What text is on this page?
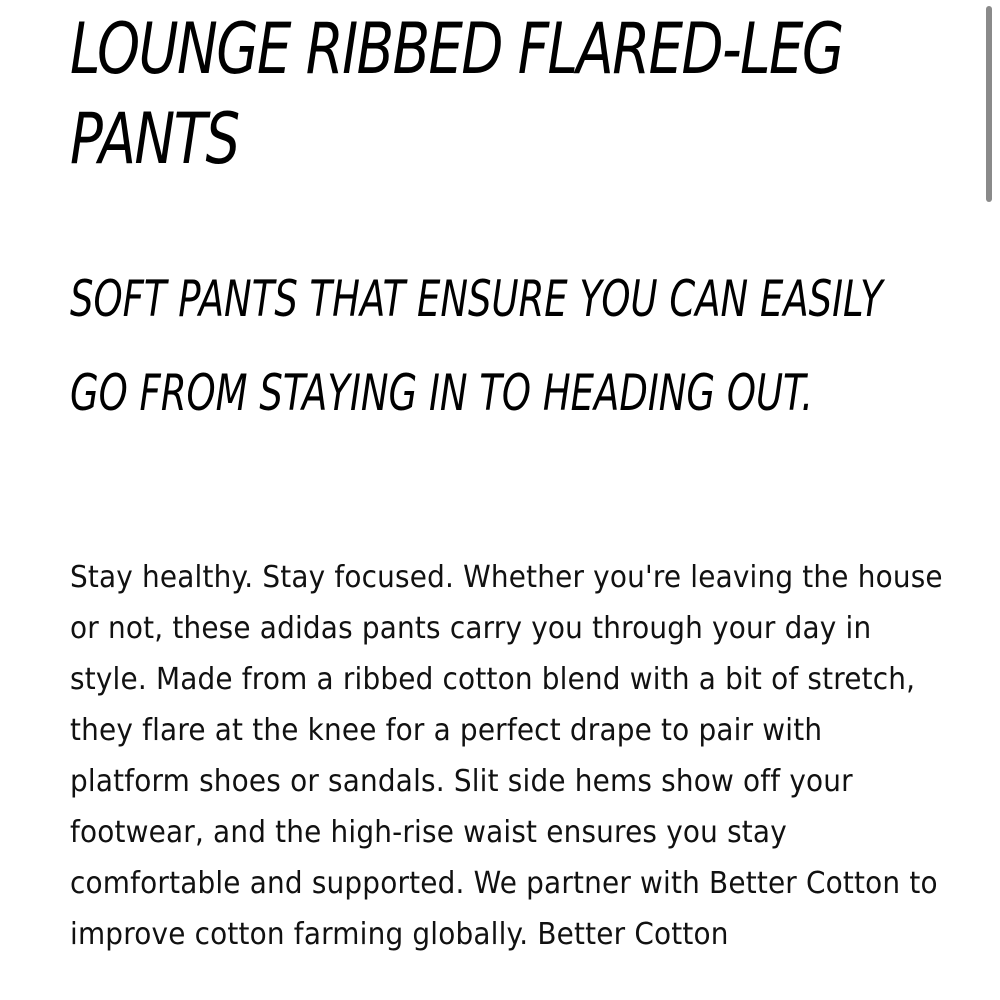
LOUNGE RIBBED FLARED-LEG PANTS
SOFT PANTS THAT ENSURE YOU CAN EASILY GO FROM STAYING IN TO HEADING OUT.

Stay healthy. Stay focused. Whether you're leaving the house or not, these adidas pants carry you through your day in style. Made from a ribbed cotton blend with a bit of stretch, they flare at the knee for a perfect drape to pair with platform shoes or sandals. Slit side hems show off your footwear, and the high-rise waist ensures you stay comfortable and supported. We partner with Better Cotton to improve cotton farming globally. Better Cotton
